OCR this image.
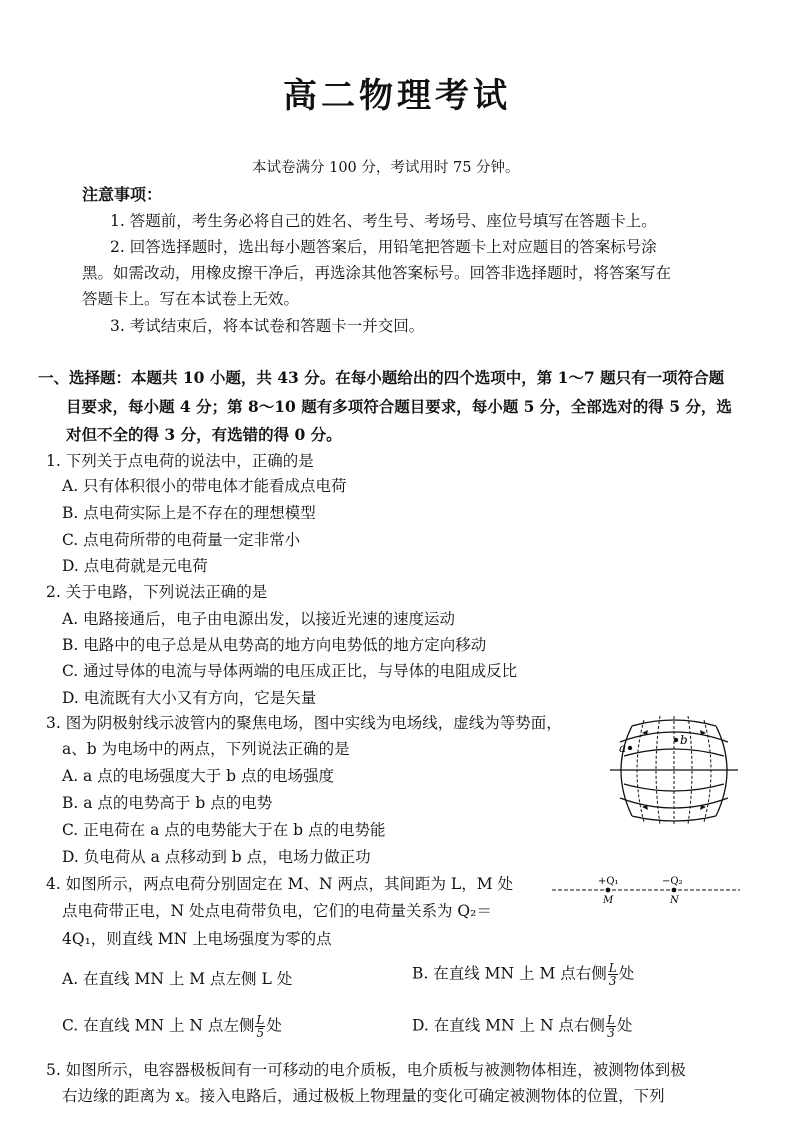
高二物理考试
本试卷满分 100 分，考试用时 75 分钟。
注意事项：
1. 答题前，考生务必将自己的姓名、考生号、考场号、座位号填写在答题卡上。
2. 回答选择题时，选出每小题答案后，用铅笔把答题卡上对应题目的答案标号涂
黑。如需改动，用橡皮擦干净后，再选涂其他答案标号。回答非选择题时，将答案写在
答题卡上。写在本试卷上无效。
3. 考试结束后，将本试卷和答题卡一并交回。
一、选择题：本题共 10 小题，共 43 分。在每小题给出的四个选项中，第 1～7 题只有一项符合题
目要求，每小题 4 分；第 8～10 题有多项符合题目要求，每小题 5 分，全部选对的得 5 分，选
对但不全的得 3 分，有选错的得 0 分。
1. 下列关于点电荷的说法中，正确的是
A. 只有体积很小的带电体才能看成点电荷
B. 点电荷实际上是不存在的理想模型
C. 点电荷所带的电荷量一定非常小
D. 点电荷就是元电荷
2. 关于电路，下列说法正确的是
A. 电路接通后，电子由电源出发，以接近光速的速度运动
B. 电路中的电子总是从电势高的地方向电势低的地方定向移动
C. 通过导体的电流与导体两端的电压成正比，与导体的电阻成反比
D. 电流既有大小又有方向，它是矢量
3. 图为阴极射线示波管内的聚焦电场，图中实线为电场线，虚线为等势面，
a、b 为电场中的两点，下列说法正确的是
A. a 点的电场强度大于 b 点的电场强度
B. a 点的电势高于 b 点的电势
C. 正电荷在 a 点的电势能大于在 b 点的电势能
D. 负电荷从 a 点移动到 b 点，电场力做正功
a
b
4. 如图所示，两点电荷分别固定在 M、N 两点，其间距为 L，M 处
点电荷带正电，N 处点电荷带负电，它们的电荷量关系为 Q₂＝
4Q₁，则直线 MN 上电场强度为零的点
+Q₁	−Q₂
M	N
A. 在直线 MN 上 M 点左侧 L 处	B. 在直线 MN 上 M 点右侧 $\frac{L}{3}$ 处
C. 在直线 MN 上 N 点左侧 $\frac{L}{5}$ 处	D. 在直线 MN 上 N 点右侧 $\frac{L}{3}$ 处
5. 如图所示，电容器极板间有一可移动的电介质板，电介质板与被测物体相连，被测物体到极
右边缘的距离为 x。接入电路后，通过极板上物理量的变化可确定被测物体的位置，下列
